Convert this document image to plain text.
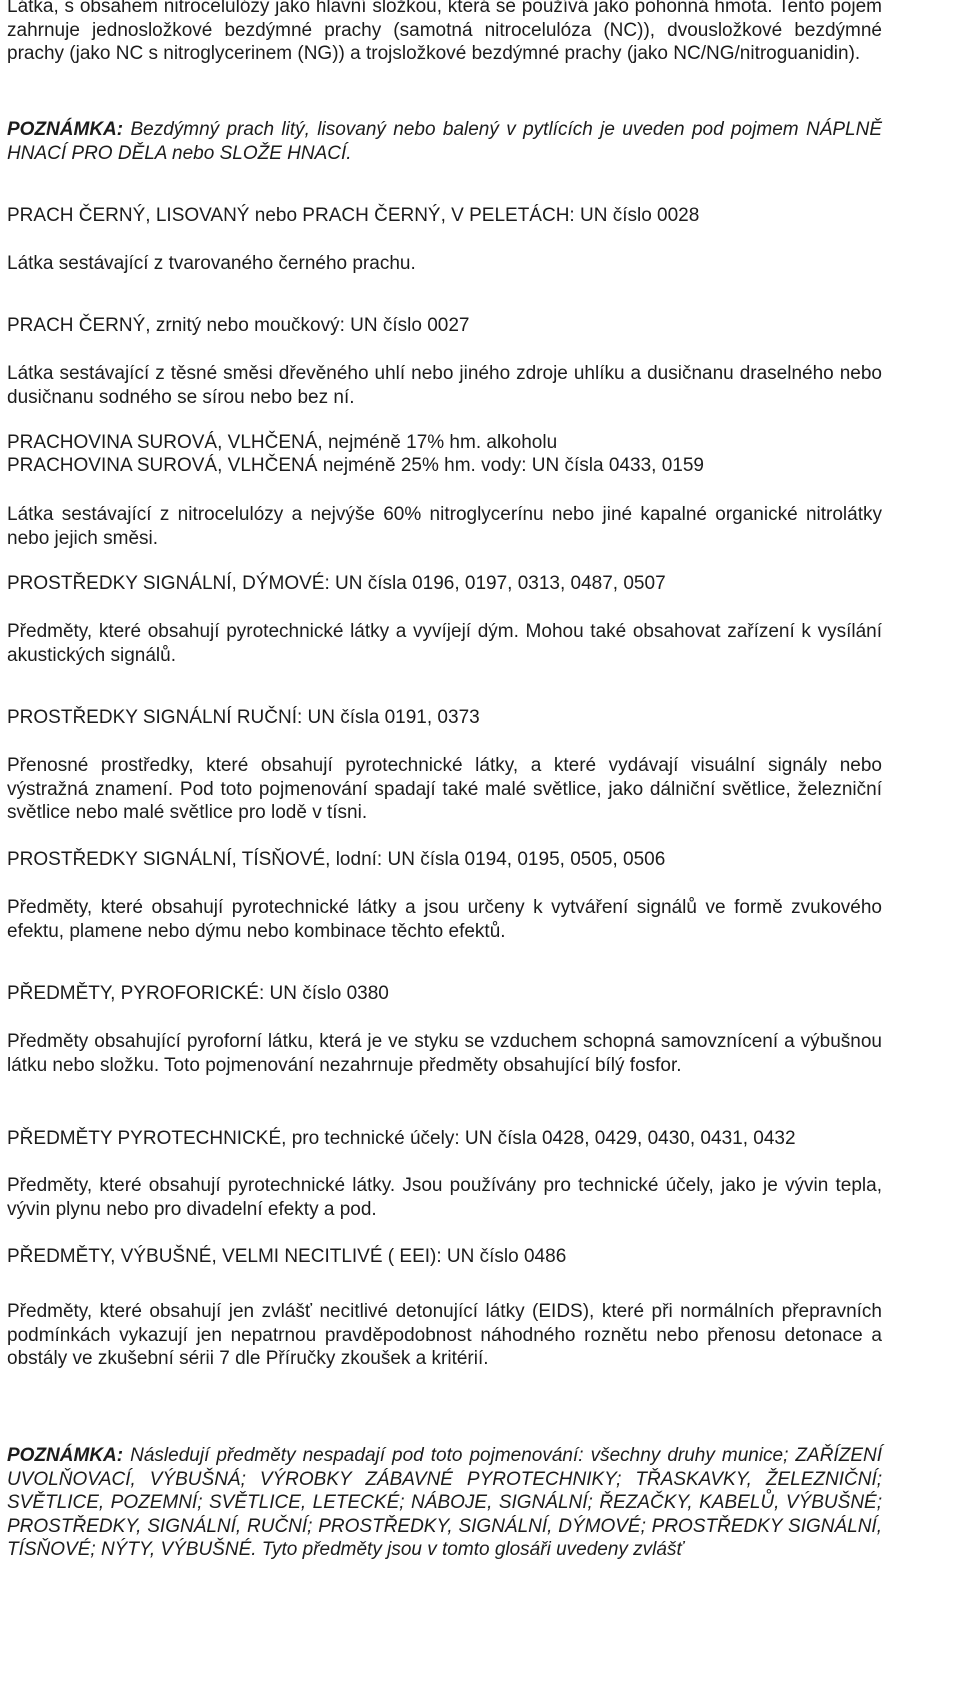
Látka, s obsahem nitrocelulózy jako hlavní složkou, která se používá jako pohonná hmota. Tento pojem zahrnuje jednosložkové bezdýmné prachy (samotná nitrocelulóza (NC)), dvousložkové bezdýmné prachy (jako NC s nitroglycerinem (NG)) a trojsložkové bezdýmné prachy (jako NC/NG/nitroguanidin).

POZNÁMKA: Bezdýmný prach litý, lisovaný nebo balený v pytlících je uveden pod pojmem NÁPLNĚ HNACÍ PRO DĚLA nebo SLOŽE HNACÍ.

PRACH ČERNÝ, LISOVANÝ nebo PRACH ČERNÝ, V PELETÁCH: UN číslo 0028

Látka sestávající z tvarovaného černého prachu.

PRACH ČERNÝ, zrnitý nebo moučkový: UN číslo 0027

Látka sestávající z těsné směsi dřevěného uhlí nebo jiného zdroje uhlíku a dusičnanu draselného nebo dusičnanu sodného se sírou nebo bez ní.

PRACHOVINA SUROVÁ, VLHČENÁ, nejméně 17% hm. alkoholu
PRACHOVINA SUROVÁ, VLHČENÁ nejméně 25% hm. vody: UN čísla 0433, 0159

Látka sestávající z nitrocelulózy a nejvýše 60% nitroglycerínu nebo jiné kapalné organické nitrolátky nebo jejich směsi.

PROSTŘEDKY SIGNÁLNÍ, DÝMOVÉ: UN čísla 0196, 0197, 0313, 0487, 0507

Předměty, které obsahují pyrotechnické látky a vyvíjejí dým. Mohou také obsahovat zařízení k vysílání akustických signálů.

PROSTŘEDKY SIGNÁLNÍ RUČNÍ: UN čísla 0191, 0373

Přenosné prostředky, které obsahují pyrotechnické látky, a které vydávají visuální signály nebo výstražná znamení. Pod toto pojmenování spadají také malé světlice, jako dálniční světlice, železniční světlice nebo malé světlice pro lodě v tísni.

PROSTŘEDKY SIGNÁLNÍ, TÍSŇOVÉ, lodní: UN čísla 0194, 0195, 0505, 0506

Předměty, které obsahují pyrotechnické látky a jsou určeny k vytváření signálů ve formě zvukového efektu, plamene nebo dýmu nebo kombinace těchto efektů.

PŘEDMĚTY, PYROFORICKÉ: UN číslo 0380

Předměty obsahující pyroforní látku, která je ve styku se vzduchem schopná samovznícení a výbušnou látku nebo složku. Toto pojmenování nezahrnuje předměty obsahující bílý fosfor.

PŘEDMĚTY PYROTECHNICKÉ, pro technické účely: UN čísla 0428, 0429, 0430, 0431, 0432

Předměty, které obsahují pyrotechnické látky. Jsou používány pro technické účely, jako je vývin tepla, vývin plynu nebo pro divadelní efekty a pod.

PŘEDMĚTY, VÝBUŠNÉ, VELMI NECITLIVÉ ( EEI): UN číslo 0486

Předměty, které obsahují jen zvlášť necitlivé detonující látky (EIDS), které při normálních přepravních podmínkách vykazují jen nepatrnou pravděpodobnost náhodného roznětu nebo přenosu detonace a obstály ve zkušební sérii 7 dle Příručky zkoušek a kritérií.

POZNÁMKA: Následují předměty nespadají pod toto pojmenování: všechny druhy munice; ZAŘÍZENÍ UVOLŇOVACÍ, VÝBUŠNÁ; VÝROBKY ZÁBAVNÉ PYROTECHNIKY; TŘASKAVKY, ŽELEZNIČNÍ; SVĚTLICE, POZEMNÍ; SVĚTLICE, LETECKÉ; NÁBOJE, SIGNÁLNÍ; ŘEZAČKY, KABELŮ, VÝBUŠNÉ; PROSTŘEDKY, SIGNÁLNÍ, RUČNÍ; PROSTŘEDKY, SIGNÁLNÍ, DÝMOVÉ; PROSTŘEDKY SIGNÁLNÍ, TÍSŇOVÉ; NÝTY, VÝBUŠNÉ. Tyto předměty jsou v tomto glosáři uvedeny zvlášť
